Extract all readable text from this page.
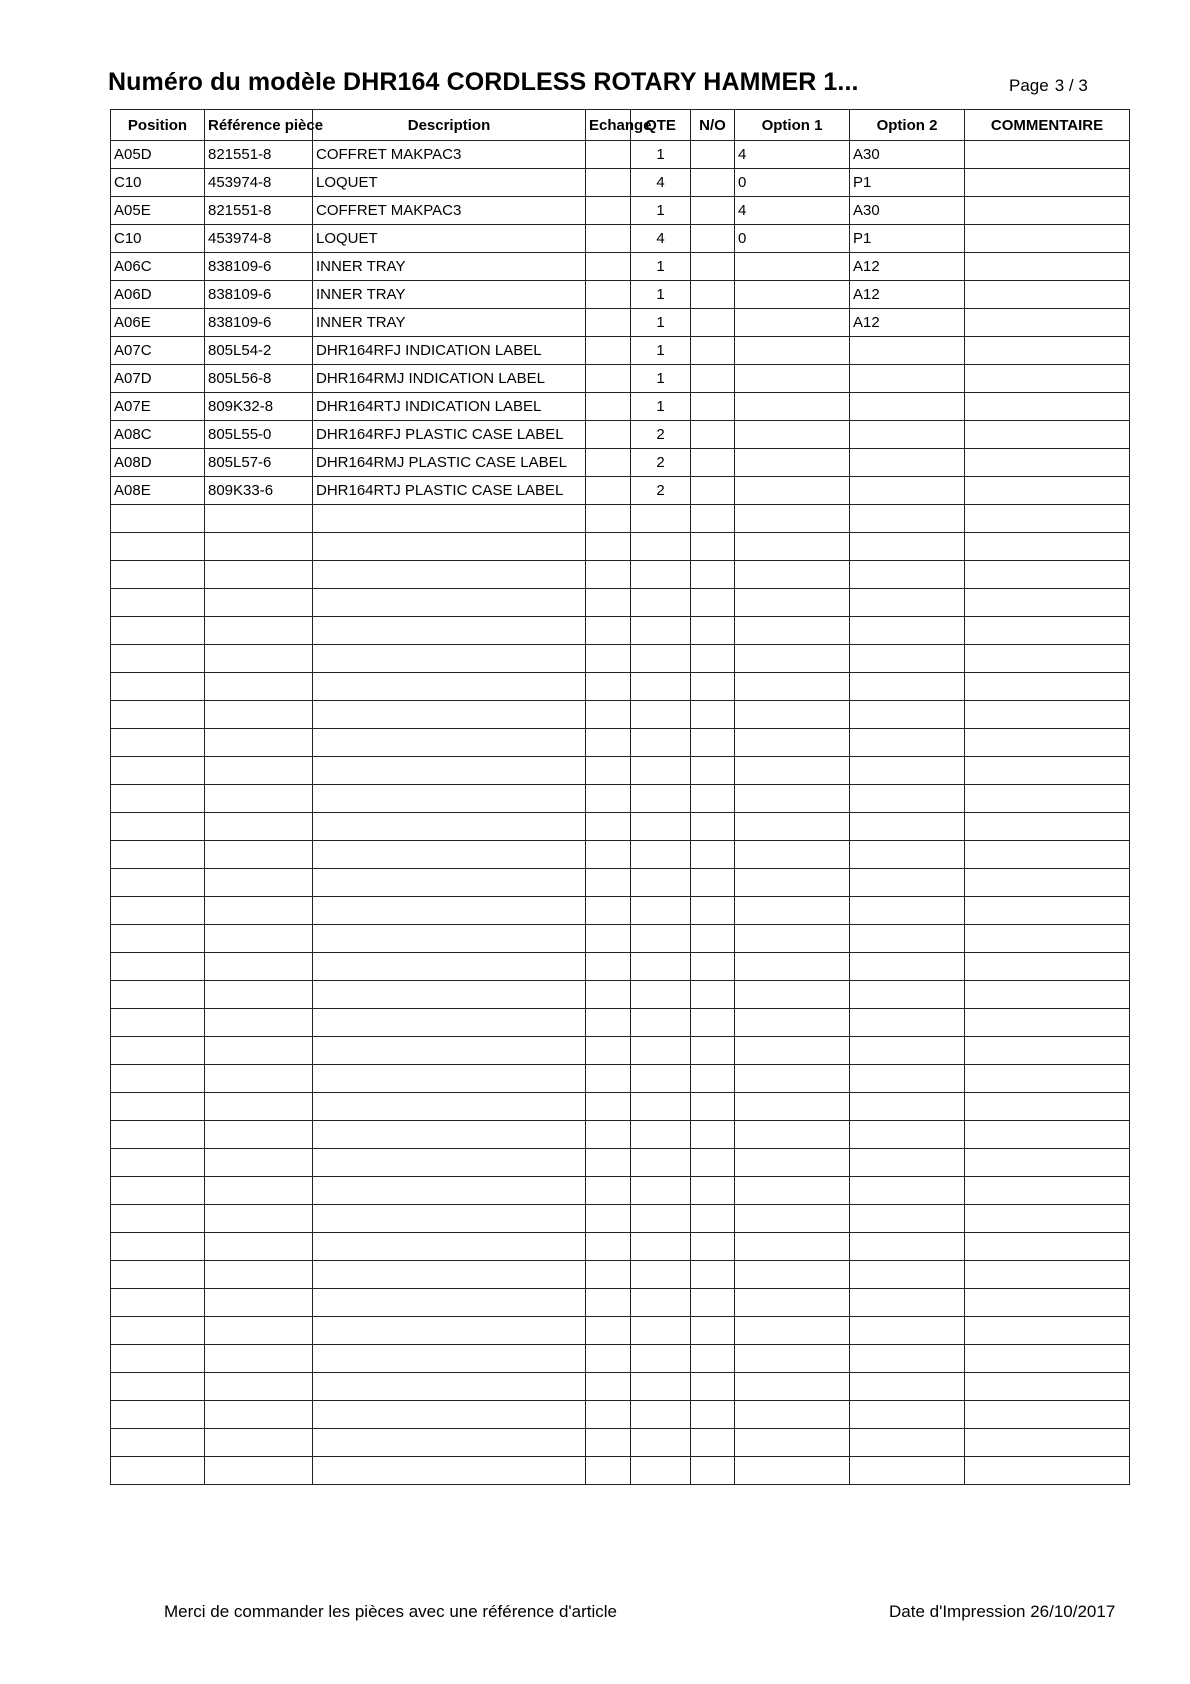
Numéro du modèle DHR164 CORDLESS ROTARY HAMMER 1...	Page 3 / 3
Position	Référence pièce	Description	Echange	QTE	N/O	Option 1	Option 2	COMMENTAIRE
A05D	821551-8	COFFRET MAKPAC3		1		4	A30	
C10	453974-8	LOQUET		4		0	P1	
A05E	821551-8	COFFRET MAKPAC3		1		4	A30	
C10	453974-8	LOQUET		4		0	P1	
A06C	838109-6	INNER TRAY		1			A12	
A06D	838109-6	INNER TRAY		1			A12	
A06E	838109-6	INNER TRAY		1			A12	
A07C	805L54-2	DHR164RFJ INDICATION LABEL		1				
A07D	805L56-8	DHR164RMJ INDICATION LABEL		1				
A07E	809K32-8	DHR164RTJ INDICATION LABEL		1				
A08C	805L55-0	DHR164RFJ PLASTIC CASE LABEL		2				
A08D	805L57-6	DHR164RMJ PLASTIC CASE LABEL		2				
A08E	809K33-6	DHR164RTJ PLASTIC CASE LABEL		2				

Merci de commander les pièces avec une référence d'article	Date d'Impression 26/10/2017
